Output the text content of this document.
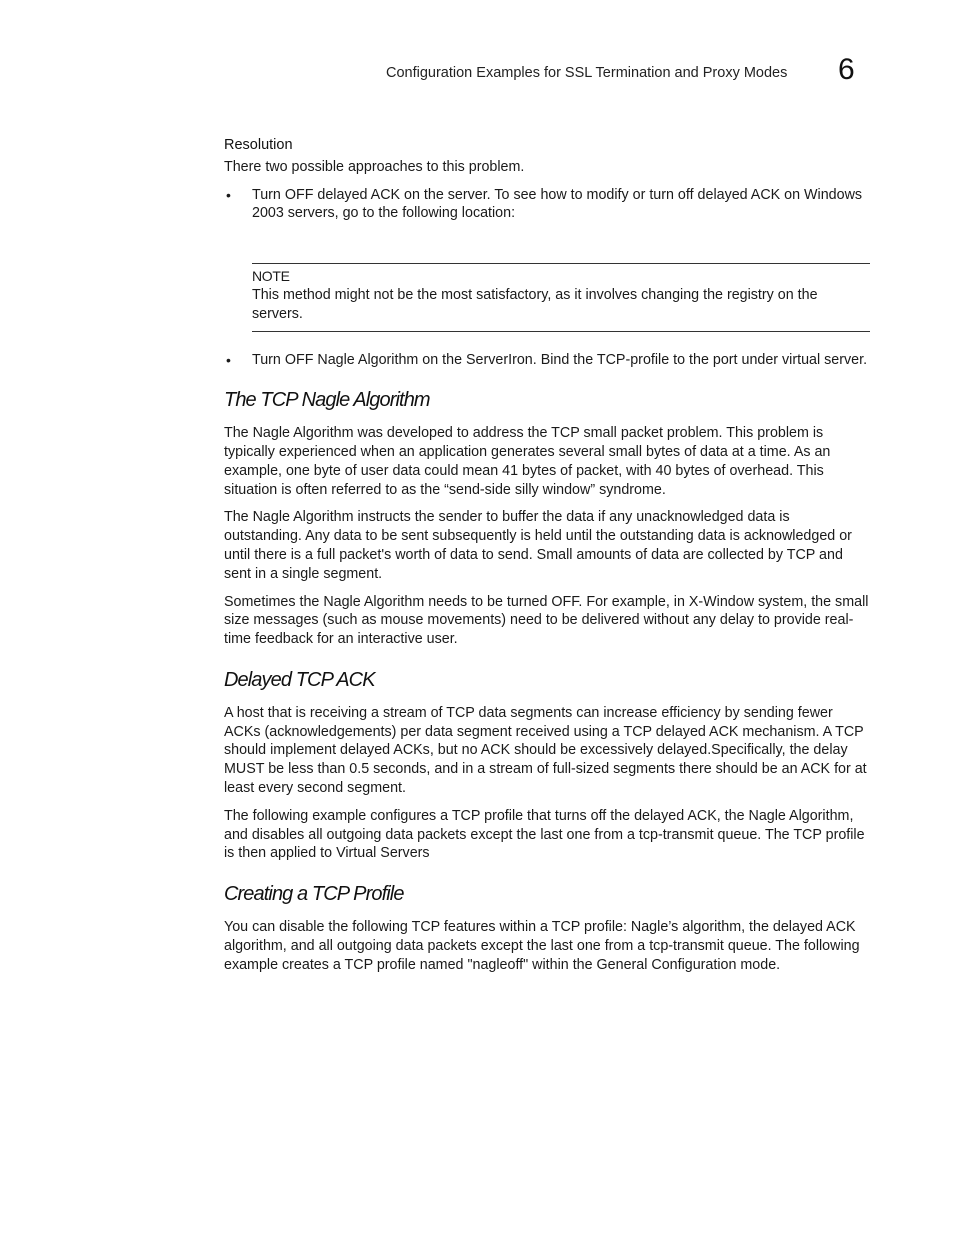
Configuration Examples for SSL Termination and Proxy Modes 6
Resolution

There two possible approaches to this problem.

• Turn OFF delayed ACK on the server. To see how to modify or turn off delayed ACK on Windows 2003 servers, go to the following location:
NOTE
This method might not be the most satisfactory, as it involves changing the registry on the servers.
• Turn OFF Nagle Algorithm on the ServerIron. Bind the TCP-profile to the port under virtual server.
The TCP Nagle Algorithm

The Nagle Algorithm was developed to address the TCP small packet problem. This problem is typically experienced when an application generates several small bytes of data at a time. As an example, one byte of user data could mean 41 bytes of packet, with 40 bytes of overhead. This situation is often referred to as the “send-side silly window” syndrome.

The Nagle Algorithm instructs the sender to buffer the data if any unacknowledged data is outstanding. Any data to be sent subsequently is held until the outstanding data is acknowledged or until there is a full packet's worth of data to send. Small amounts of data are collected by TCP and sent in a single segment.

Sometimes the Nagle Algorithm needs to be turned OFF. For example, in X-Window system, the small size messages (such as mouse movements) need to be delivered without any delay to provide real-time feedback for an interactive user.

Delayed TCP ACK

A host that is receiving a stream of TCP data segments can increase efficiency by sending fewer ACKs (acknowledgements) per data segment received using a TCP delayed ACK mechanism. A TCP should implement delayed ACKs, but no ACK should be excessively delayed.Specifically, the delay MUST be less than 0.5 seconds, and in a stream of full-sized segments there should be an ACK for at least every second segment.

The following example configures a TCP profile that turns off the delayed ACK, the Nagle Algorithm, and disables all outgoing data packets except the last one from a tcp-transmit queue. The TCP profile is then applied to Virtual Servers

Creating a TCP Profile

You can disable the following TCP features within a TCP profile: Nagle’s algorithm, the delayed ACK algorithm, and all outgoing data packets except the last one from a tcp-transmit queue. The following example creates a TCP profile named "nagleoff" within the General Configuration mode.
